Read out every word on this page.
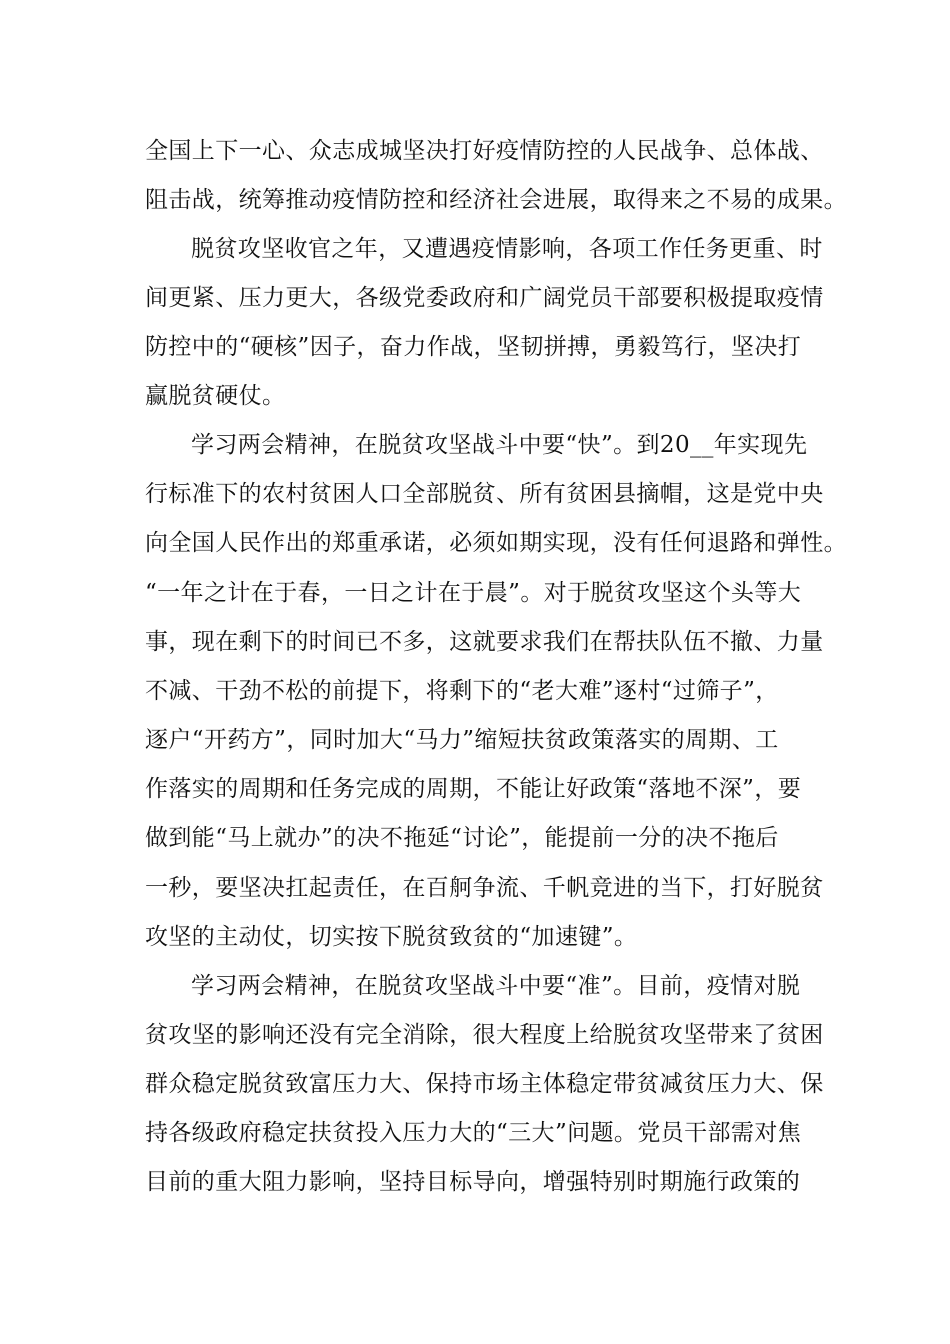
全国上下一心、众志成城坚决打好疫情防控的人民战争、总体战、
阻击战，统筹推动疫情防控和经济社会进展，取得来之不易的成果。
脱贫攻坚收官之年，又遭遇疫情影响，各项工作任务更重、时
间更紧、压力更大，各级党委政府和广阔党员干部要积极提取疫情
防控中的“硬核”因子，奋力作战，坚韧拼搏，勇毅笃行，坚决打
赢脱贫硬仗。
学习两会精神，在脱贫攻坚战斗中要“快”。到20__年实现先
行标准下的农村贫困人口全部脱贫、所有贫困县摘帽，这是党中央
向全国人民作出的郑重承诺，必须如期实现，没有任何退路和弹性。
“一年之计在于春，一日之计在于晨”。对于脱贫攻坚这个头等大
事，现在剩下的时间已不多，这就要求我们在帮扶队伍不撤、力量
不减、干劲不松的前提下，将剩下的“老大难”逐村“过筛子”，
逐户“开药方”，同时加大“马力”缩短扶贫政策落实的周期、工
作落实的周期和任务完成的周期，不能让好政策“落地不深”，要
做到能“马上就办”的决不拖延“讨论”，能提前一分的决不拖后
一秒，要坚决扛起责任，在百舸争流、千帆竞进的当下，打好脱贫
攻坚的主动仗，切实按下脱贫致贫的“加速键”。
学习两会精神，在脱贫攻坚战斗中要“准”。目前，疫情对脱
贫攻坚的影响还没有完全消除，很大程度上给脱贫攻坚带来了贫困
群众稳定脱贫致富压力大、保持市场主体稳定带贫减贫压力大、保
持各级政府稳定扶贫投入压力大的“三大”问题。党员干部需对焦
目前的重大阻力影响，坚持目标导向，增强特别时期施行政策的
